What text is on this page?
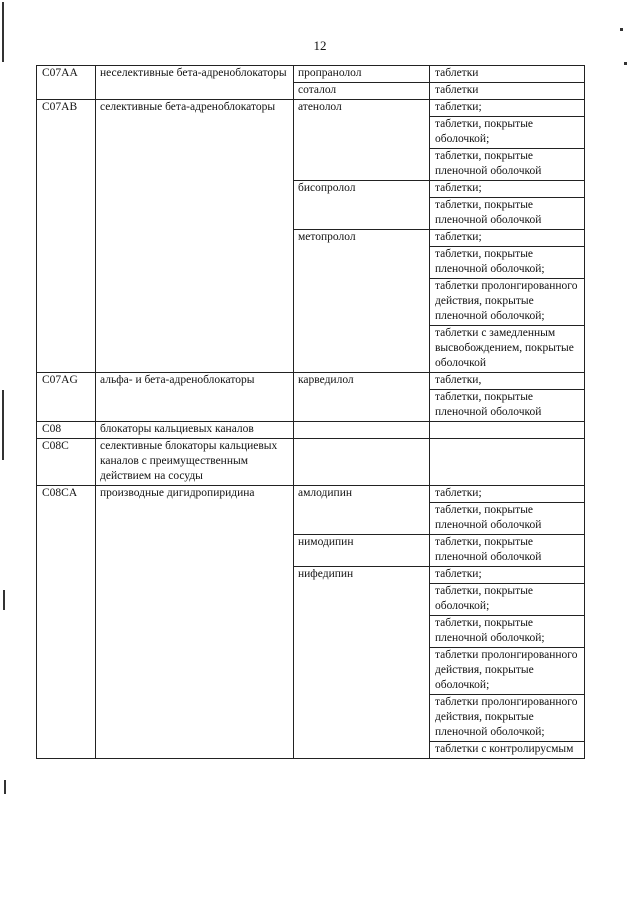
12
C07AA	неселективные бета-адреноблокаторы	пропранолол	таблетки
		соталол	таблетки
C07AB	селективные бета-адреноблокаторы	атенолол	таблетки;
			таблетки, покрытые оболочкой;
			таблетки, покрытые пленочной оболочкой
		бисопролол	таблетки;
			таблетки, покрытые пленочной оболочкой
		метопролол	таблетки;
			таблетки, покрытые пленочной оболочкой;
			таблетки пролонгированного действия, покрытые пленочной оболочкой;
			таблетки с замедленным высвобождением, покрытые оболочкой
C07AG	альфа- и бета-адреноблокаторы	карведилол	таблетки,
			таблетки, покрытые пленочной оболочкой
C08	блокаторы кальциевых каналов		
C08C	селективные блокаторы кальциевых каналов с преимущественным действием на сосуды		
C08CA	производные дигидропиридина	амлодипин	таблетки;
			таблетки, покрытые пленочной оболочкой
		нимодипин	таблетки, покрытые пленочной оболочкой
		нифедипин	таблетки;
			таблетки, покрытые оболочкой;
			таблетки, покрытые пленочной оболочкой;
			таблетки пролонгированного действия, покрытые оболочкой;
			таблетки пролонгированного действия, покрытые пленочной оболочкой;
			таблетки с контролирусмым
